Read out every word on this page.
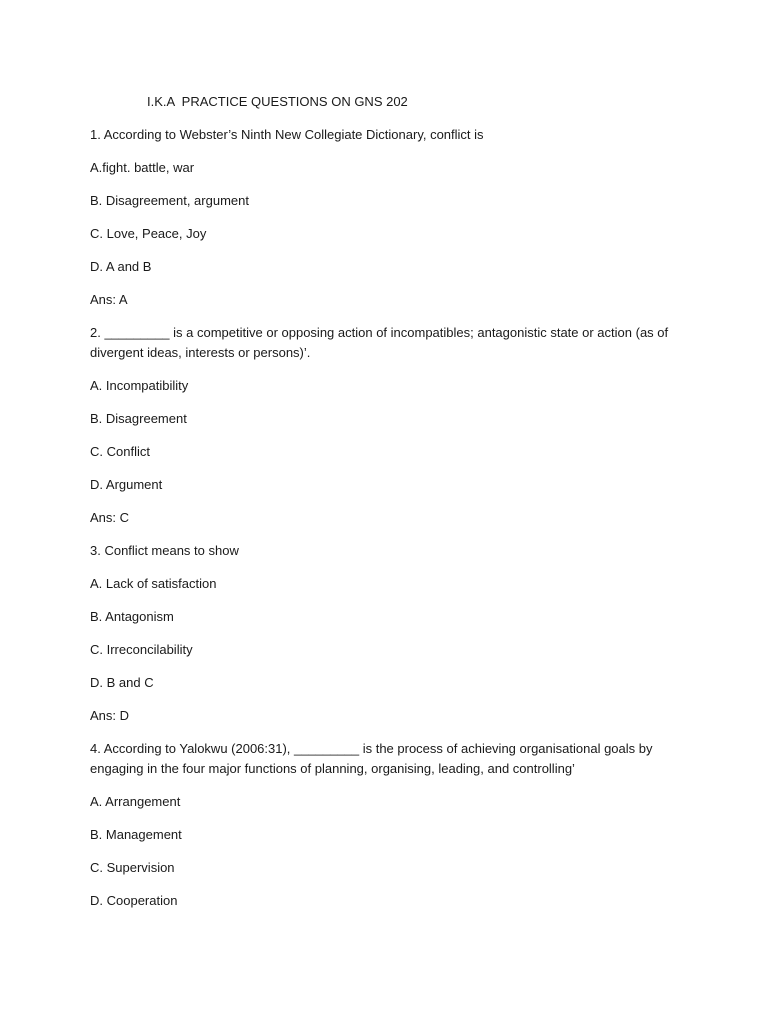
I.K.A  PRACTICE QUESTIONS ON GNS 202
1. According to Webster’s Ninth New Collegiate Dictionary, conflict is
A.fight. battle, war
B. Disagreement, argument
C. Love, Peace, Joy
D. A and B
Ans: A
2. _________ is a competitive or opposing action of incompatibles; antagonistic state or action (as of divergent ideas, interests or persons)’.
A. Incompatibility
B. Disagreement
C. Conflict
D. Argument
Ans: C
3. Conflict means to show
A. Lack of satisfaction
B. Antagonism
C. Irreconcilability
D. B and C
Ans: D
4. According to Yalokwu (2006:31), _________ is the process of achieving organisational goals by engaging in the four major functions of planning, organising, leading, and controlling’
A. Arrangement
B. Management
C. Supervision
D. Cooperation
